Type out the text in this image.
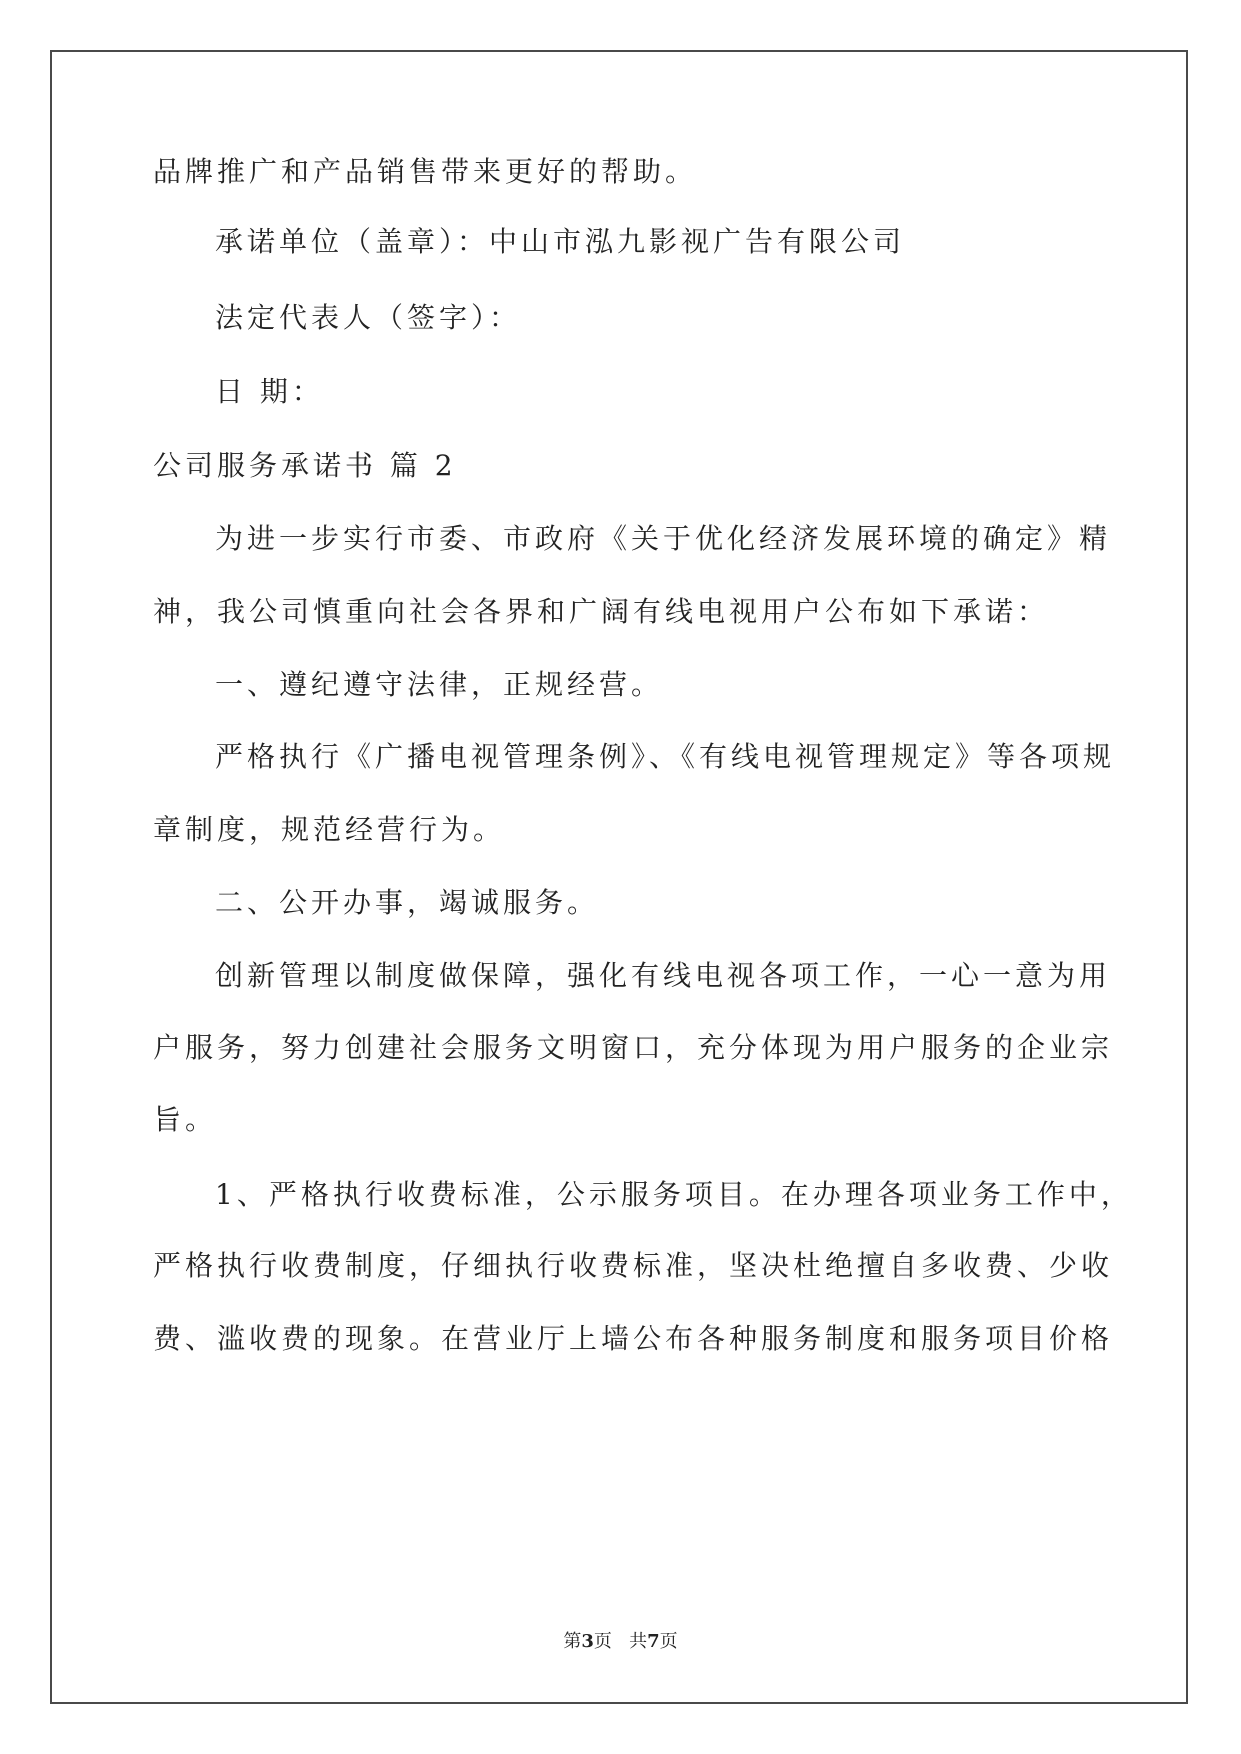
品牌推广和产品销售带来更好的帮助。

承诺单位（盖章）：中山市泓九影视广告有限公司

法定代表人（签字）：

日 期：

公司服务承诺书 篇 2

为进一步实行市委、市政府《关于优化经济发展环境的确定》精

神，我公司慎重向社会各界和广阔有线电视用户公布如下承诺：

一、遵纪遵守法律，正规经营。

严格执行《广播电视管理条例》、《有线电视管理规定》等各项规

章制度，规范经营行为。

二、公开办事，竭诚服务。

创新管理以制度做保障，强化有线电视各项工作，一心一意为用

户服务，努力创建社会服务文明窗口，充分体现为用户服务的企业宗

旨。

1、严格执行收费标准，公示服务项目。在办理各项业务工作中，

严格执行收费制度，仔细执行收费标准，坚决杜绝擅自多收费、少收

费、滥收费的现象。在营业厅上墙公布各种服务制度和服务项目价格

第3页   共7页
